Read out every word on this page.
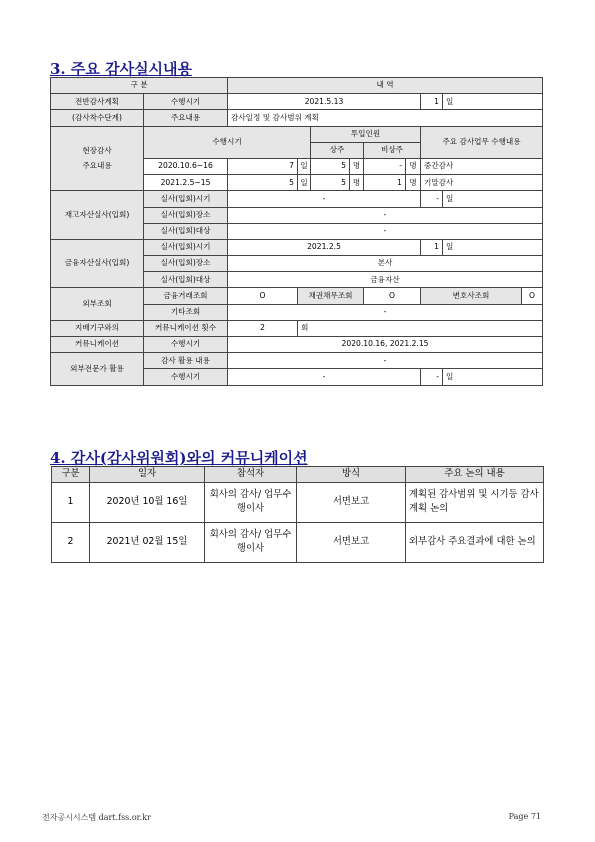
3. 주요 감사실시내용
구 분		내 역								
전반감사계획	수행시기	2021.5.13						1	일	
(감사착수단계)	주요내용	감사일정 및 감사범위 계획								
현장감사
주요내용	수행시기			투입인원				주요 감사업무 수행내용		
				상주		비상주				
	2020.10.6~16	7	일	5	명	-	명	중간감사		
	2021.2.5~15	5	일	5	명	1	명	기말감사		
재고자산실사(입회)	실사(입회)시기	-						-	일	
	실사(입회)장소	-								
	실사(입회)대상	-								
금융자산실사(입회)	실사(입회)시기	2021.2.5						1	일	
	실사(입회)장소	본사								
	실사(입회)대상	금융자산								
외부조회	금융거래조회	O	채권채무조회			O		변호사조회		O
	기타조회	-								
지배기구와의	커뮤니케이션 횟수	2	회							
커뮤니케이션	수행시기	2020.10.16, 2021.2.15								
외부전문가 활용	감사 활용 내용	-								
	수행시기	-						-	일	
4. 감사(감사위원회)와의 커뮤니케이션
구분	일자	참석자	방식	주요 논의 내용
1	2020년 10월 16일	회사의 감사/ 업무수행이사	서면보고	계획된 감사범위 및 시기등 감사계획 논의
2	2021년 02월 15일	회사의 감사/ 업무수행이사	서면보고	외부감사 주요결과에 대한 논의
전자공시시스템 dart.fss.or.kr	Page 71
